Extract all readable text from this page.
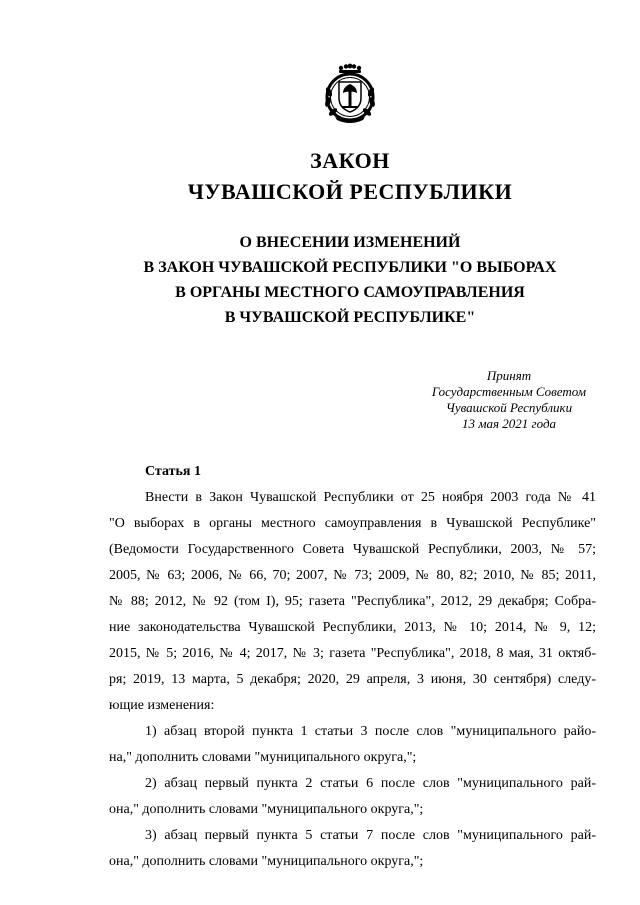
ЗАКОН
ЧУВАШСКОЙ РЕСПУБЛИКИ
О ВНЕСЕНИИ ИЗМЕНЕНИЙ
В ЗАКОН ЧУВАШСКОЙ РЕСПУБЛИКИ "О ВЫБОРАХ
В ОРГАНЫ МЕСТНОГО САМОУПРАВЛЕНИЯ
В ЧУВАШСКОЙ РЕСПУБЛИКЕ"
Принят
Государственным Советом
Чувашской Республики
13 мая 2021 года

Статья 1

Внести в Закон Чувашской Республики от 25 ноября 2003 года № 41
"О выборах в органы местного самоуправления в Чувашской Республике"
(Ведомости Государственного Совета Чувашской Республики, 2003, № 57;
2005, № 63; 2006, № 66, 70; 2007, № 73; 2009, № 80, 82; 2010, № 85; 2011,
№ 88; 2012, № 92 (том I), 95; газета "Республика", 2012, 29 декабря; Собра-
ние законодательства Чувашской Республики, 2013, № 10; 2014, № 9, 12;
2015, № 5; 2016, № 4; 2017, № 3; газета "Республика", 2018, 8 мая, 31 октяб-
ря; 2019, 13 марта, 5 декабря; 2020, 29 апреля, 3 июня, 30 сентября) следу-
ющие изменения:

1) абзац второй пункта 1 статьи 3 после слов "муниципального райо-
на," дополнить словами "муниципального округа,";

2) абзац первый пункта 2 статьи 6 после слов "муниципального рай-
она," дополнить словами "муниципального округа,";

3) абзац первый пункта 5 статьи 7 после слов "муниципального рай-
она," дополнить словами "муниципального округа,";
